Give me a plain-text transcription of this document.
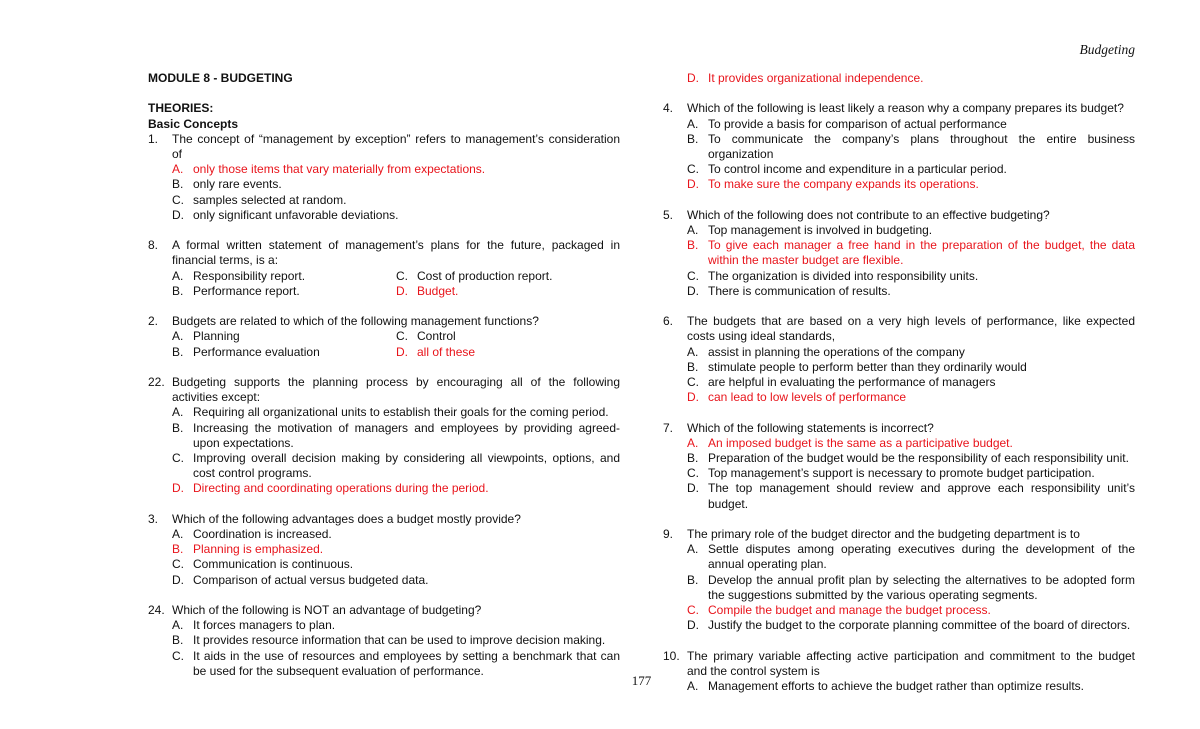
Budgeting
MODULE 8 - BUDGETING
THEORIES:
Basic Concepts
1.	The concept of “management by exception” refers to management’s consideration of
A. only those items that vary materially from expectations.
B. only rare events.
C. samples selected at random.
D. only significant unfavorable deviations.
8.	A formal written statement of management’s plans for the future, packaged in financial terms, is a:
A. Responsibility report.	C. Cost of production report.
B. Performance report.	D. Budget.
2.	Budgets are related to which of the following management functions?
A. Planning	C. Control
B. Performance evaluation	D. all of these
22. Budgeting supports the planning process by encouraging all of the following activities except:
A. Requiring all organizational units to establish their goals for the coming period.
B. Increasing the motivation of managers and employees by providing agreed-upon expectations.
C. Improving overall decision making by considering all viewpoints, options, and cost control programs.
D. Directing and coordinating operations during the period.
3.	Which of the following advantages does a budget mostly provide?
A. Coordination is increased.
B. Planning is emphasized.
C. Communication is continuous.
D. Comparison of actual versus budgeted data.
24. Which of the following is NOT an advantage of budgeting?
A. It forces managers to plan.
B. It provides resource information that can be used to improve decision making.
C. It aids in the use of resources and employees by setting a benchmark that can be used for the subsequent evaluation of performance.
D. It provides organizational independence.
4.	Which of the following is least likely a reason why a company prepares its budget?
A. To provide a basis for comparison of actual performance
B. To communicate the company’s plans throughout the entire business organization
C. To control income and expenditure in a particular period.
D. To make sure the company expands its operations.
5.	Which of the following does not contribute to an effective budgeting?
A. Top management is involved in budgeting.
B. To give each manager a free hand in the preparation of the budget, the data within the master budget are flexible.
C. The organization is divided into responsibility units.
D. There is communication of results.
6.	The budgets that are based on a very high levels of performance, like expected costs using ideal standards,
A. assist in planning the operations of the company
B. stimulate people to perform better than they ordinarily would
C. are helpful in evaluating the performance of managers
D. can lead to low levels of performance
7.	Which of the following statements is incorrect?
A. An imposed budget is the same as a participative budget.
B. Preparation of the budget would be the responsibility of each responsibility unit.
C. Top management’s support is necessary to promote budget participation.
D. The top management should review and approve each responsibility unit’s budget.
9.	The primary role of the budget director and the budgeting department is to
A. Settle disputes among operating executives during the development of the annual operating plan.
B. Develop the annual profit plan by selecting the alternatives to be adopted form the suggestions submitted by the various operating segments.
C. Compile the budget and manage the budget process.
D. Justify the budget to the corporate planning committee of the board of directors.
10. The primary variable affecting active participation and commitment to the budget and the control system is
A. Management efforts to achieve the budget rather than optimize results.
177
